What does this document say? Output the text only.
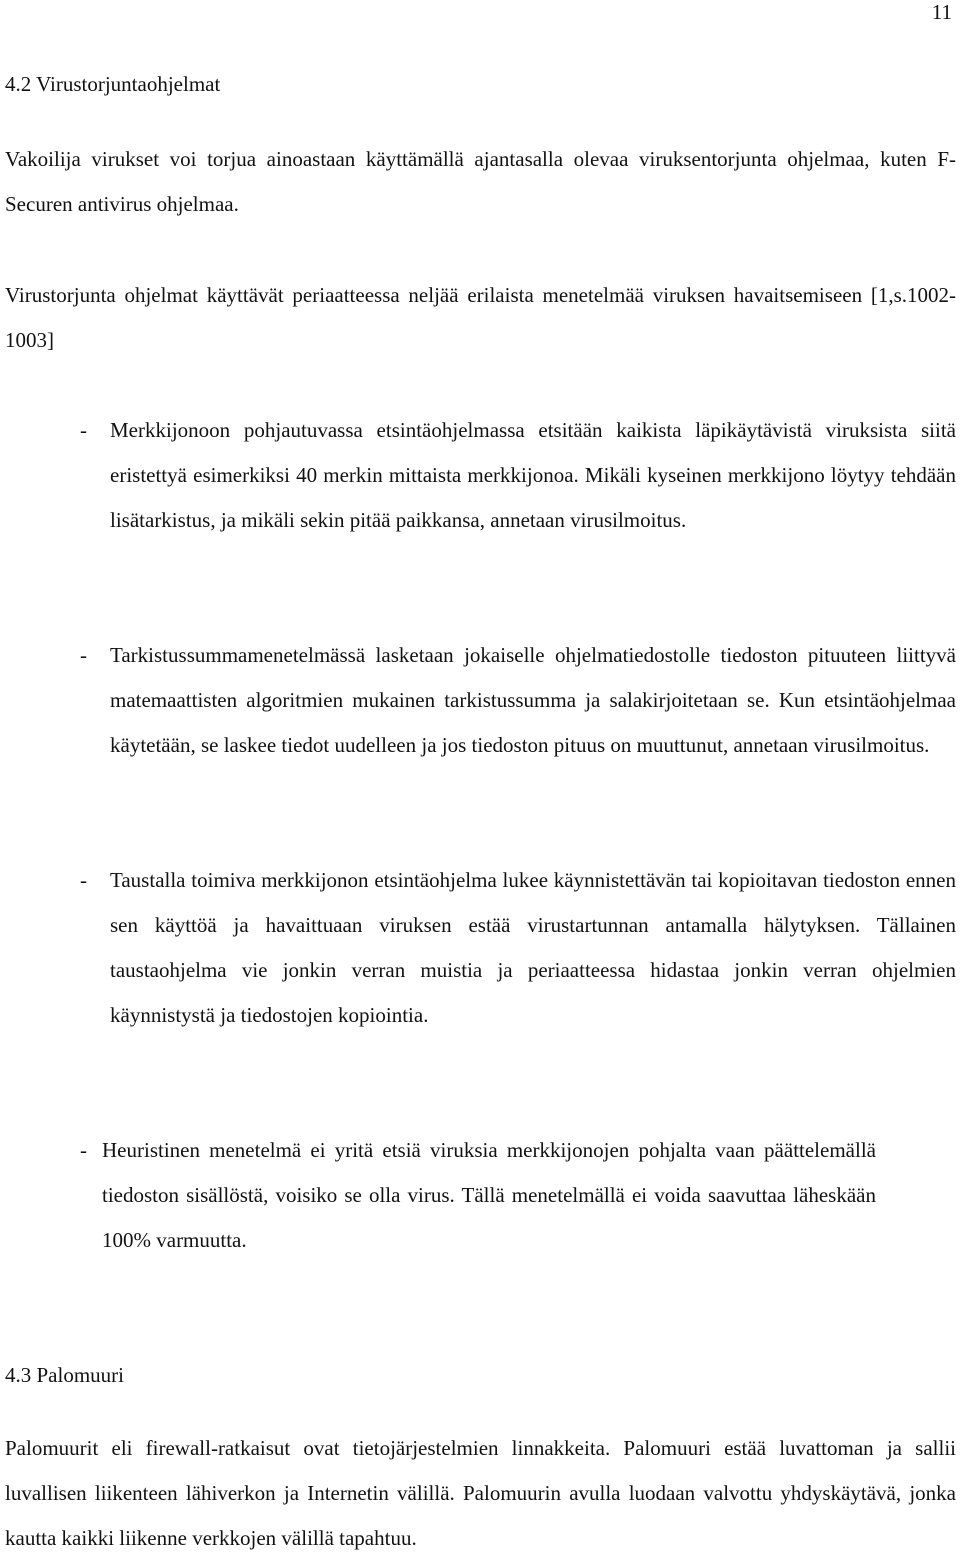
11
4.2 Virustorjuntaohjelmat
Vakoilija virukset voi torjua ainoastaan käyttämällä ajantasalla olevaa viruksentorjunta ohjelmaa, kuten F-Securen antivirus ohjelmaa.
Virustorjunta ohjelmat käyttävät periaatteessa neljää erilaista menetelmää viruksen havaitsemiseen [1,s.1002-1003]
-	Merkkijonoon pohjautuvassa etsintäohjelmassa etsitään kaikista läpikäytävistä viruksista siitä eristettyä esimerkiksi 40 merkin mittaista merkkijonoa. Mikäli kyseinen merkkijono löytyy tehdään lisätarkistus, ja mikäli sekin pitää paikkansa, annetaan virusilmoitus.
-	Tarkistussummamenetelmässä lasketaan jokaiselle ohjelmatiedostolle tiedoston pituuteen liittyvä matemaattisten algoritmien mukainen tarkistussumma ja salakirjoitetaan se. Kun etsintäohjelmaa käytetään, se laskee tiedot uudelleen ja jos tiedoston pituus on muuttunut, annetaan virusilmoitus.
-	Taustalla toimiva merkkijonon etsintäohjelma lukee käynnistettävän tai kopioitavan tiedoston ennen sen käyttöä ja havaittuaan viruksen estää virustartunnan antamalla hälytyksen. Tällainen taustaohjelma vie jonkin verran muistia ja periaatteessa hidastaa jonkin verran ohjelmien käynnistystä ja tiedostojen kopiointia.
- Heuristinen menetelmä ei yritä etsiä viruksia merkkijonojen pohjalta vaan päättelemällä tiedoston sisällöstä, voisiko se olla virus. Tällä menetelmällä ei voida saavuttaa läheskään 100% varmuutta.
4.3 Palomuuri
Palomuurit eli firewall-ratkaisut ovat tietojärjestelmien linnakkeita. Palomuuri estää luvattoman ja sallii luvallisen liikenteen lähiverkon ja Internetin välillä. Palomuurin avulla luodaan valvottu yhdyskäytävä, jonka kautta kaikki liikenne verkkojen välillä tapahtuu.
